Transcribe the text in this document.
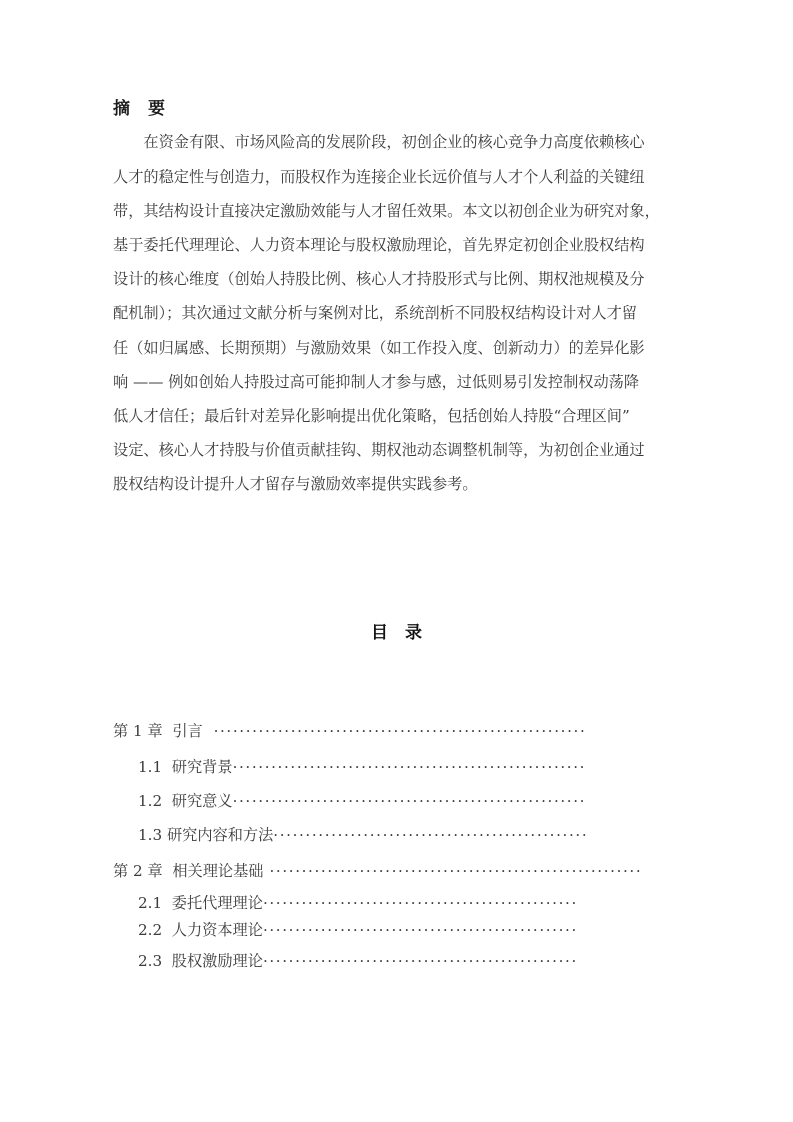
摘　要
　　在资金有限、市场风险高的发展阶段，初创企业的核心竞争力高度依赖核心
人才的稳定性与创造力，而股权作为连接企业长远价值与人才个人利益的关键纽
带，其结构设计直接决定激励效能与人才留任效果。本文以初创企业为研究对象，
基于委托代理理论、人力资本理论与股权激励理论，首先界定初创企业股权结构
设计的核心维度（创始人持股比例、核心人才持股形式与比例、期权池规模及分
配机制）；其次通过文献分析与案例对比，系统剖析不同股权结构设计对人才留
任（如归属感、长期预期）与激励效果（如工作投入度、创新动力）的差异化影
响 —— 例如创始人持股过高可能抑制人才参与感，过低则易引发控制权动荡降
低人才信任；最后针对差异化影响提出优化策略，包括创始人持股“合理区间”
设定、核心人才持股与价值贡献挂钩、期权池动态调整机制等，为初创企业通过
股权结构设计提升人才留存与激励效率提供实践参考。
目　录
第 1 章  引言 ··························································
1.1  研究背景 ·······················································
1.2  研究意义 ·······················································
1.3 研究内容和方法 ·················································
第 2 章  相关理论基础 ··························································
2.1  委托代理理论 ·················································
2.2  人力资本理论 ·················································
2.3  股权激励理论 ·················································
